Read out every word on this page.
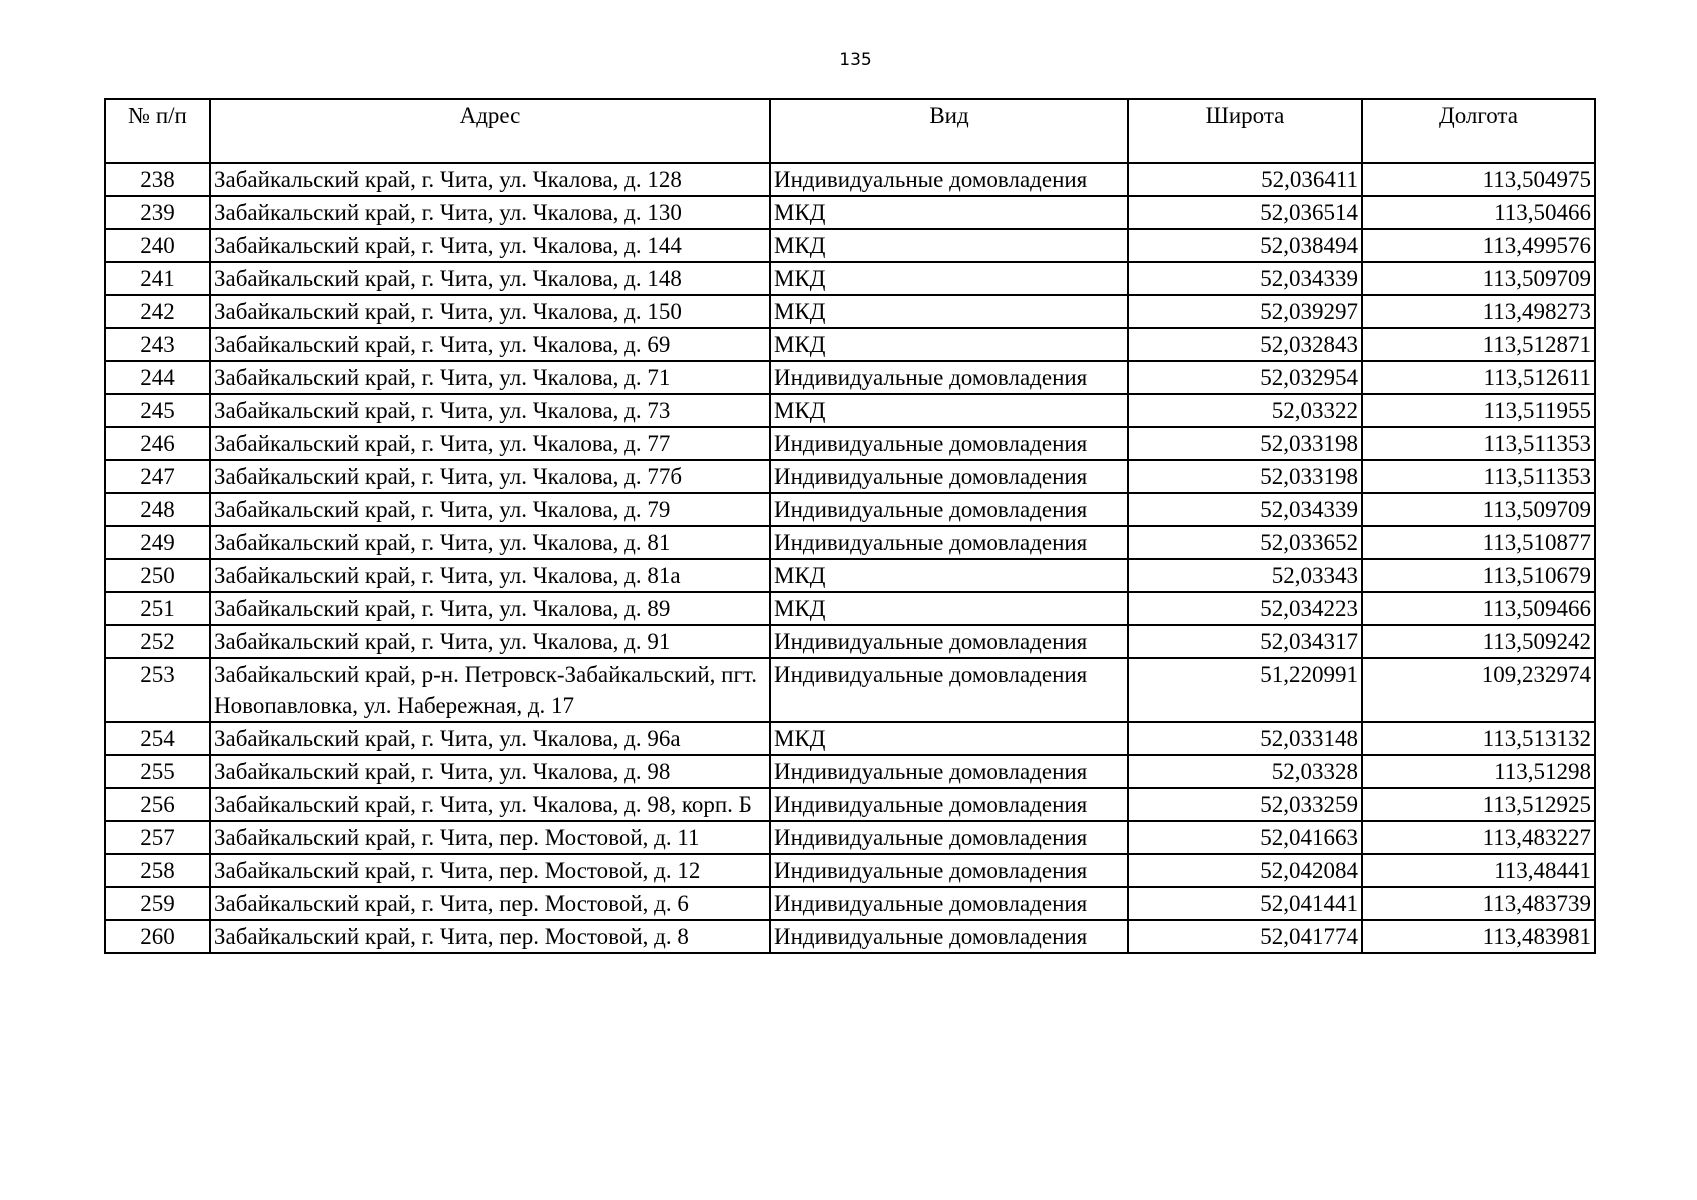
135
№ п/п	Адрес	Вид	Широта	Долгота
238	Забайкальский край, г. Чита, ул. Чкалова, д. 128	Индивидуальные домовладения	52,036411	113,504975
239	Забайкальский край, г. Чита, ул. Чкалова, д. 130	МКД	52,036514	113,50466
240	Забайкальский край, г. Чита, ул. Чкалова, д. 144	МКД	52,038494	113,499576
241	Забайкальский край, г. Чита, ул. Чкалова, д. 148	МКД	52,034339	113,509709
242	Забайкальский край, г. Чита, ул. Чкалова, д. 150	МКД	52,039297	113,498273
243	Забайкальский край, г. Чита, ул. Чкалова, д. 69	МКД	52,032843	113,512871
244	Забайкальский край, г. Чита, ул. Чкалова, д. 71	Индивидуальные домовладения	52,032954	113,512611
245	Забайкальский край, г. Чита, ул. Чкалова, д. 73	МКД	52,03322	113,511955
246	Забайкальский край, г. Чита, ул. Чкалова, д. 77	Индивидуальные домовладения	52,033198	113,511353
247	Забайкальский край, г. Чита, ул. Чкалова, д. 77б	Индивидуальные домовладения	52,033198	113,511353
248	Забайкальский край, г. Чита, ул. Чкалова, д. 79	Индивидуальные домовладения	52,034339	113,509709
249	Забайкальский край, г. Чита, ул. Чкалова, д. 81	Индивидуальные домовладения	52,033652	113,510877
250	Забайкальский край, г. Чита, ул. Чкалова, д. 81а	МКД	52,03343	113,510679
251	Забайкальский край, г. Чита, ул. Чкалова, д. 89	МКД	52,034223	113,509466
252	Забайкальский край, г. Чита, ул. Чкалова, д. 91	Индивидуальные домовладения	52,034317	113,509242
253	Забайкальский край, р-н. Петровск-Забайкальский, пгт. Новопавловка, ул. Набережная, д. 17	Индивидуальные домовладения	51,220991	109,232974
254	Забайкальский край, г. Чита, ул. Чкалова, д. 96а	МКД	52,033148	113,513132
255	Забайкальский край, г. Чита, ул. Чкалова, д. 98	Индивидуальные домовладения	52,03328	113,51298
256	Забайкальский край, г. Чита, ул. Чкалова, д. 98, корп. Б	Индивидуальные домовладения	52,033259	113,512925
257	Забайкальский край, г. Чита, пер. Мостовой, д. 11	Индивидуальные домовладения	52,041663	113,483227
258	Забайкальский край, г. Чита, пер. Мостовой, д. 12	Индивидуальные домовладения	52,042084	113,48441
259	Забайкальский край, г. Чита, пер. Мостовой, д. 6	Индивидуальные домовладения	52,041441	113,483739
260	Забайкальский край, г. Чита, пер. Мостовой, д. 8	Индивидуальные домовладения	52,041774	113,483981
